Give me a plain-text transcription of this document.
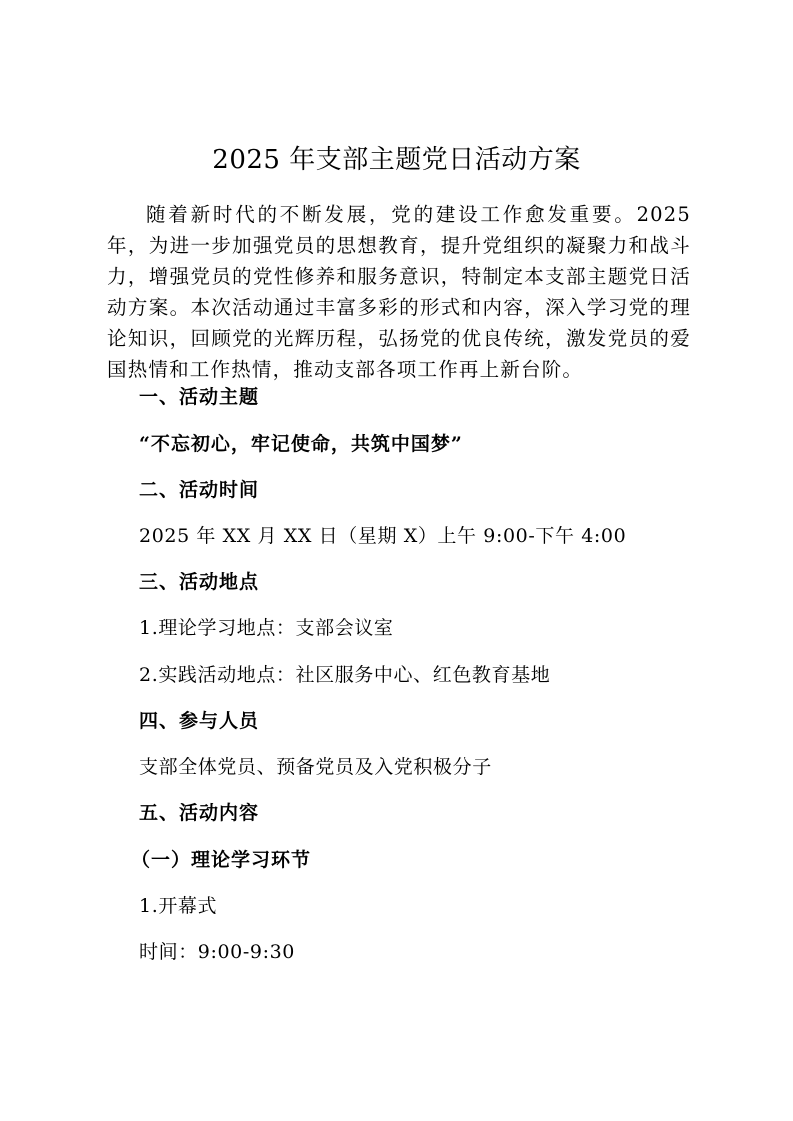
2025 年支部主题党日活动方案
随着新时代的不断发展，党的建设工作愈发重要。2025年，为进一步加强党员的思想教育，提升党组织的凝聚力和战斗力，增强党员的党性修养和服务意识，特制定本支部主题党日活动方案。本次活动通过丰富多彩的形式和内容，深入学习党的理论知识，回顾党的光辉历程，弘扬党的优良传统，激发党员的爱国热情和工作热情，推动支部各项工作再上新台阶。
一、活动主题
“不忘初心，牢记使命，共筑中国梦”
二、活动时间
2025 年 XX 月 XX 日（星期 X）上午 9:00-下午 4:00
三、活动地点
1.理论学习地点：支部会议室
2.实践活动地点：社区服务中心、红色教育基地
四、参与人员
支部全体党员、预备党员及入党积极分子
五、活动内容
（一）理论学习环节
1.开幕式
时间：9:00-9:30
